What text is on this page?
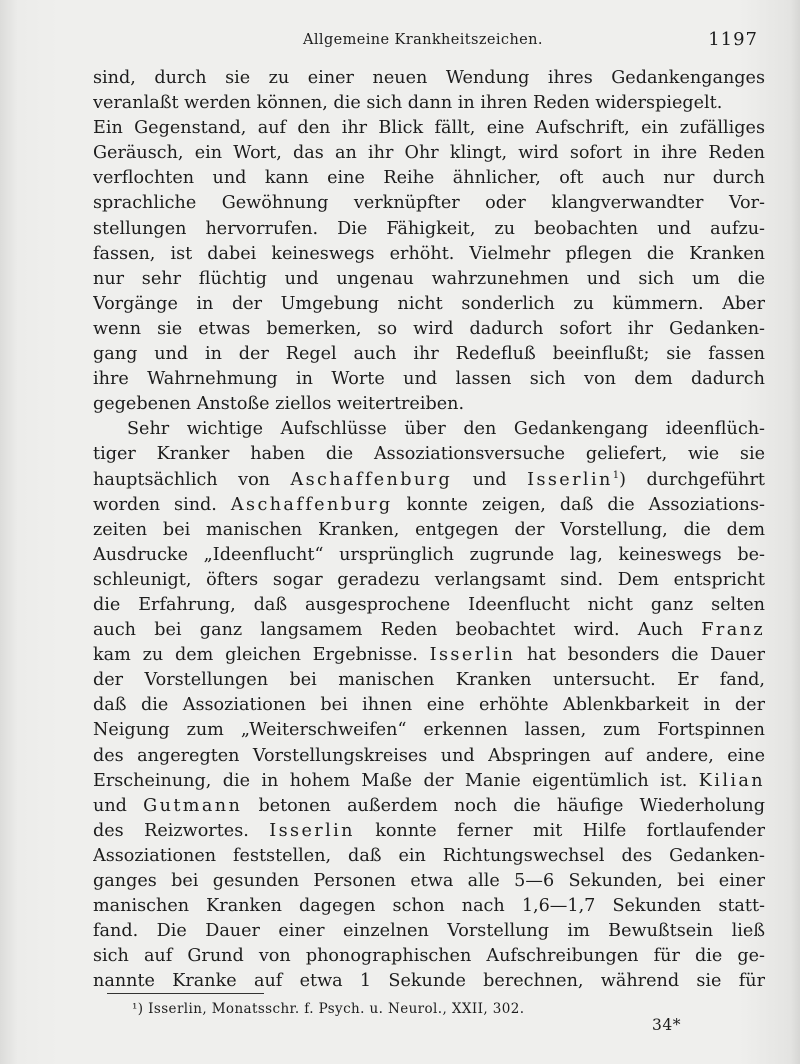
Allgemeine Krankheitszeichen.	1197
sind, durch sie zu einer neuen Wendung ihres Gedankenganges
veranlaßt werden können, die sich dann in ihren Reden widerspiegelt.
Ein Gegenstand, auf den ihr Blick fällt, eine Aufschrift, ein zufälliges
Geräusch, ein Wort, das an ihr Ohr klingt, wird sofort in ihre Reden
verflochten und kann eine Reihe ähnlicher, oft auch nur durch
sprachliche Gewöhnung verknüpfter oder klangverwandter Vor-
stellungen hervorrufen. Die Fähigkeit, zu beobachten und aufzu-
fassen, ist dabei keineswegs erhöht. Vielmehr pflegen die Kranken
nur sehr flüchtig und ungenau wahrzunehmen und sich um die
Vorgänge in der Umgebung nicht sonderlich zu kümmern. Aber
wenn sie etwas bemerken, so wird dadurch sofort ihr Gedanken-
gang und in der Regel auch ihr Redefluß beeinflußt; sie fassen
ihre Wahrnehmung in Worte und lassen sich von dem dadurch
gegebenen Anstoße ziellos weitertreiben.
Sehr wichtige Aufschlüsse über den Gedankengang ideenflüch-
tiger Kranker haben die Assoziationsversuche geliefert, wie sie
hauptsächlich von Aschaffenburg und Isserlin$^1$) durchgeführt
worden sind. Aschaffenburg konnte zeigen, daß die Assoziations-
zeiten bei manischen Kranken, entgegen der Vorstellung, die dem
Ausdrucke „Ideenflucht“ ursprünglich zugrunde lag, keineswegs be-
schleunigt, öfters sogar geradezu verlangsamt sind. Dem entspricht
die Erfahrung, daß ausgesprochene Ideenflucht nicht ganz selten
auch bei ganz langsamem Reden beobachtet wird. Auch Franz
kam zu dem gleichen Ergebnisse. Isserlin hat besonders die Dauer
der Vorstellungen bei manischen Kranken untersucht. Er fand,
daß die Assoziationen bei ihnen eine erhöhte Ablenkbarkeit in der
Neigung zum „Weiterschweifen“ erkennen lassen, zum Fortspinnen
des angeregten Vorstellungskreises und Abspringen auf andere, eine
Erscheinung, die in hohem Maße der Manie eigentümlich ist. Kilian
und Gutmann betonen außerdem noch die häufige Wiederholung
des Reizwortes. Isserlin konnte ferner mit Hilfe fortlaufender
Assoziationen feststellen, daß ein Richtungswechsel des Gedanken-
ganges bei gesunden Personen etwa alle 5—6 Sekunden, bei einer
manischen Kranken dagegen schon nach 1,6—1,7 Sekunden statt-
fand. Die Dauer einer einzelnen Vorstellung im Bewußtsein ließ
sich auf Grund von phonographischen Aufschreibungen für die ge-
nannte Kranke auf etwa 1 Sekunde berechnen, während sie für
¹) Isserlin, Monatsschr. f. Psych. u. Neurol., XXII, 302.
34*
